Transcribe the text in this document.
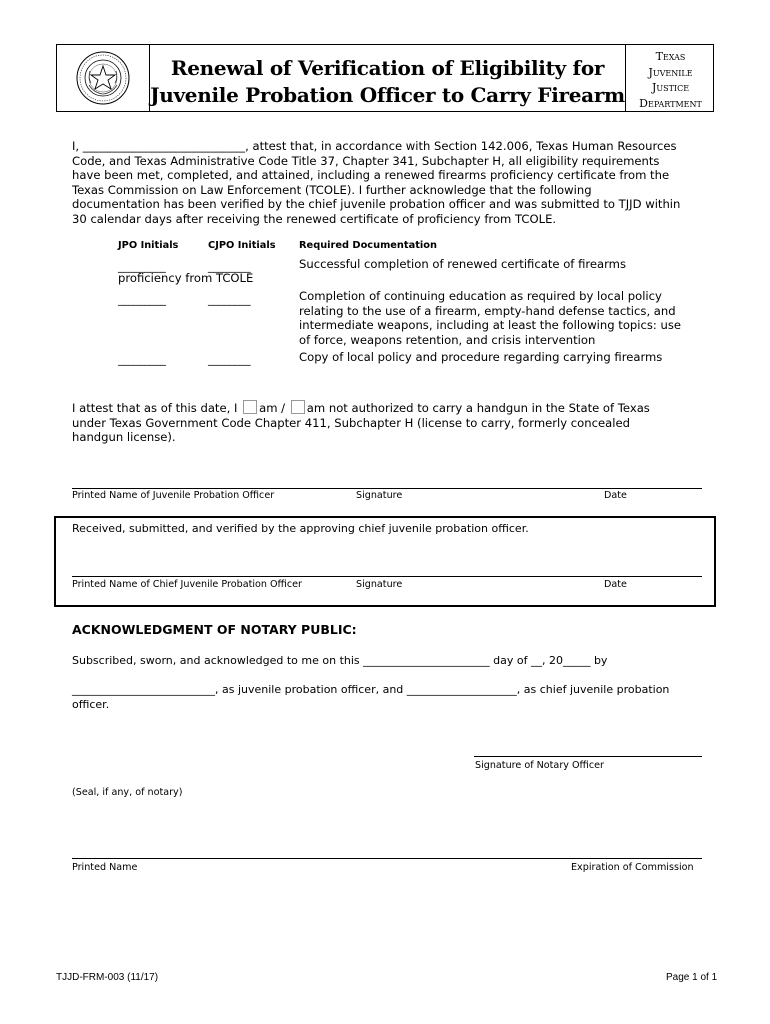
Renewal of Verification of Eligibility for
Juvenile Probation Officer to Carry Firearm
Texas
Juvenile
Justice
Department
I, ____________________________, attest that, in accordance with Section 142.006, Texas Human Resources
Code, and Texas Administrative Code Title 37, Chapter 341, Subchapter H, all eligibility requirements
have been met, completed, and attained, including a renewed firearms proficiency certificate from the
Texas Commission on Law Enforcement (TCOLE). I further acknowledge that the following
documentation has been verified by the chief juvenile probation officer and was submitted to TJJD within
30 calendar days after receiving the renewed certificate of proficiency from TCOLE.
JPO Initials	CJPO Initials Required Documentation
_________	________	Successful completion of renewed certificate of firearms
proficiency from TCOLE
_________	________	Completion of continuing education as required by local policy
relating to the use of a firearm, empty-hand defense tactics, and
intermediate weapons, including at least the following topics: use
of force, weapons retention, and crisis intervention
_________	________	Copy of local policy and procedure regarding carrying firearms
I attest that as of this date, I am / am not authorized to carry a handgun in the State of Texas
under Texas Government Code Chapter 411, Subchapter H (license to carry, formerly concealed
handgun license).
Printed Name of Juvenile Probation Officer	Signature	Date
Received, submitted, and verified by the approving chief juvenile probation officer.
Printed Name of Chief Juvenile Probation Officer	Signature	Date
ACKNOWLEDGMENT OF NOTARY PUBLIC:
Subscribed, sworn, and acknowledged to me on this _______________________ day of __, 20_____ by
__________________________, as juvenile probation officer, and ____________________, as chief juvenile probation
officer.
Signature of Notary Officer
(Seal, if any, of notary)
Printed Name	Expiration of Commission
TJJD-FRM-003 (11/17)	Page 1 of 1
